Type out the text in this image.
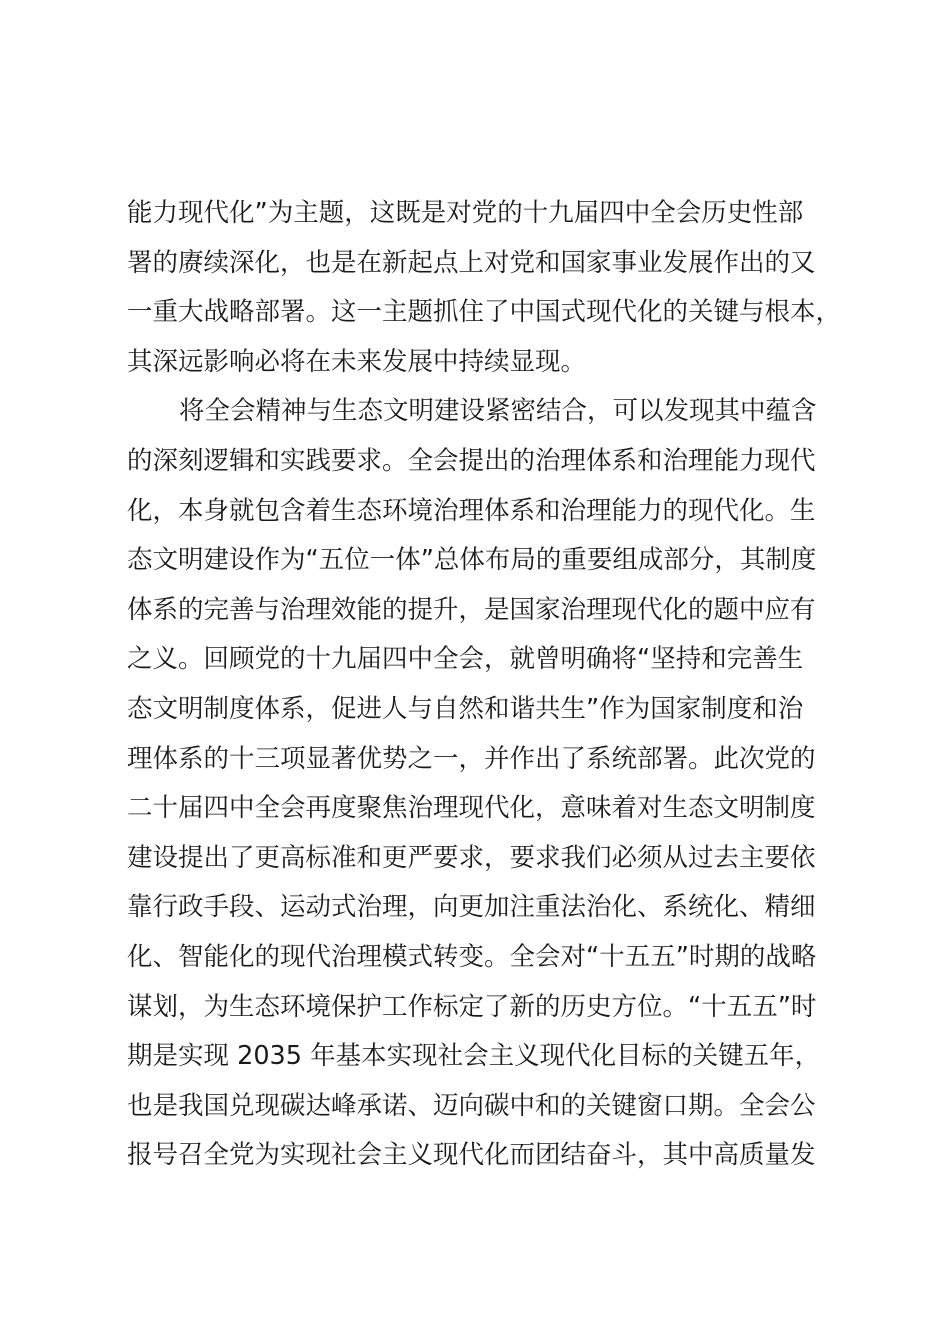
能力现代化”为主题，这既是对党的十九届四中全会历史性部
署的赓续深化，也是在新起点上对党和国家事业发展作出的又
一重大战略部署。这一主题抓住了中国式现代化的关键与根本，
其深远影响必将在未来发展中持续显现。
将全会精神与生态文明建设紧密结合，可以发现其中蕴含
的深刻逻辑和实践要求。全会提出的治理体系和治理能力现代
化，本身就包含着生态环境治理体系和治理能力的现代化。生
态文明建设作为“五位一体”总体布局的重要组成部分，其制度
体系的完善与治理效能的提升，是国家治理现代化的题中应有
之义。回顾党的十九届四中全会，就曾明确将“坚持和完善生
态文明制度体系，促进人与自然和谐共生”作为国家制度和治
理体系的十三项显著优势之一，并作出了系统部署。此次党的
二十届四中全会再度聚焦治理现代化，意味着对生态文明制度
建设提出了更高标准和更严要求，要求我们必须从过去主要依
靠行政手段、运动式治理，向更加注重法治化、系统化、精细
化、智能化的现代治理模式转变。全会对“十五五”时期的战略
谋划，为生态环境保护工作标定了新的历史方位。“十五五”时
期是实现 2035 年基本实现社会主义现代化目标的关键五年，
也是我国兑现碳达峰承诺、迈向碳中和的关键窗口期。全会公
报号召全党为实现社会主义现代化而团结奋斗，其中高质量发
